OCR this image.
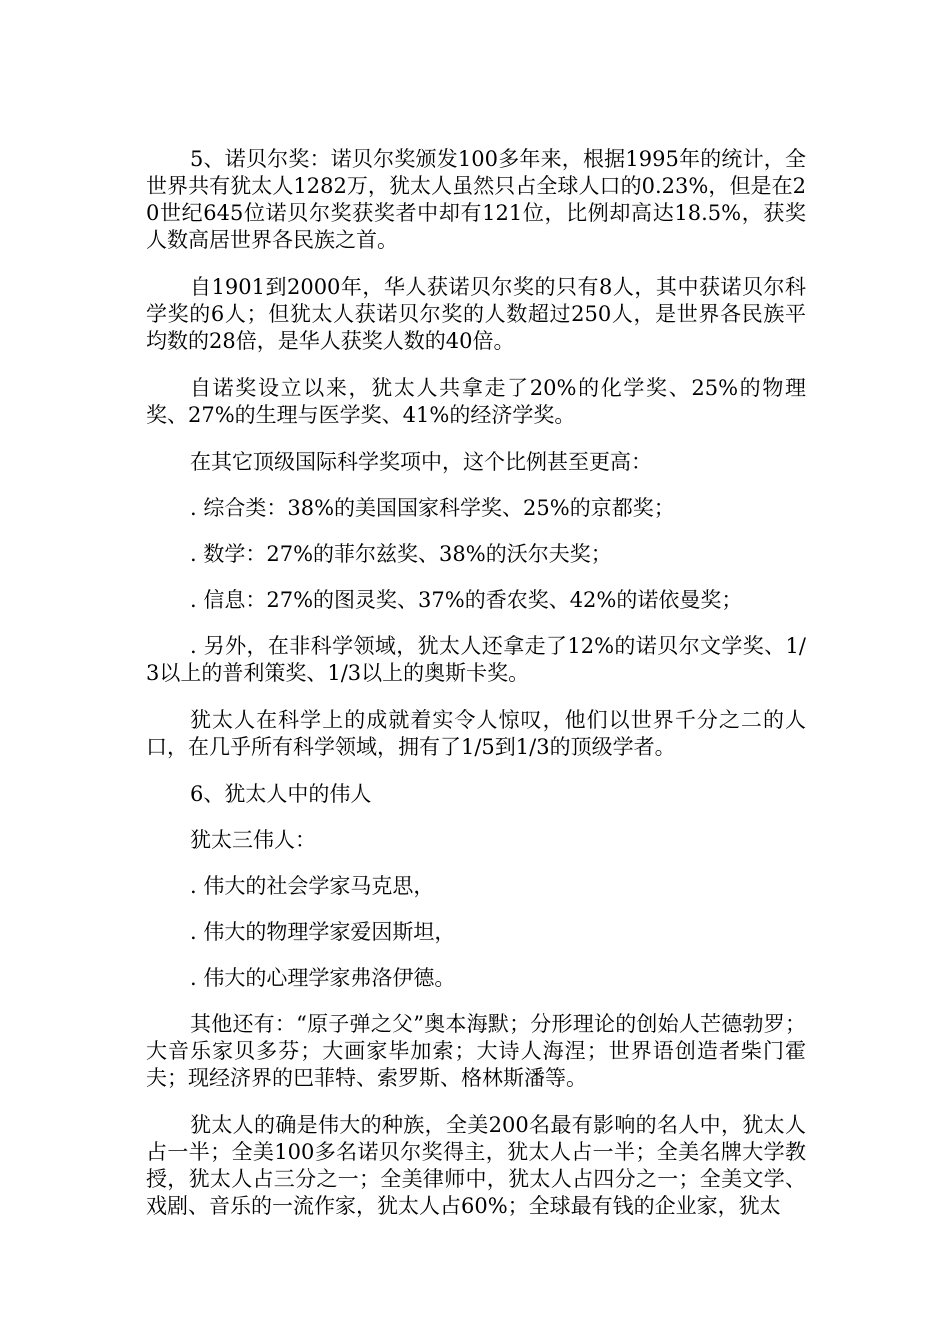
5、诺贝尔奖：诺贝尔奖颁发100多年来，根据1995年的统计，全世界共有犹太人1282万，犹太人虽然只占全球人口的0.23%，但是在20世纪645位诺贝尔奖获奖者中却有121位，比例却高达18.5%，获奖人数高居世界各民族之首。

自1901到2000年，华人获诺贝尔奖的只有8人，其中获诺贝尔科学奖的6人；但犹太人获诺贝尔奖的人数超过250人，是世界各民族平均数的28倍，是华人获奖人数的40倍。

自诺奖设立以来，犹太人共拿走了20%的化学奖、25%的物理奖、27%的生理与医学奖、41%的经济学奖。

在其它顶级国际科学奖项中，这个比例甚至更高：

. 综合类：38%的美国国家科学奖、25%的京都奖；

. 数学：27%的菲尔兹奖、38%的沃尔夫奖；

. 信息：27%的图灵奖、37%的香农奖、42%的诺依曼奖；

. 另外，在非科学领域，犹太人还拿走了12%的诺贝尔文学奖、1/3以上的普利策奖、1/3以上的奥斯卡奖。

犹太人在科学上的成就着实令人惊叹，他们以世界千分之二的人口，在几乎所有科学领域，拥有了1/5到1/3的顶级学者。

6、犹太人中的伟人

犹太三伟人：

. 伟大的社会学家马克思，

. 伟大的物理学家爱因斯坦，

. 伟大的心理学家弗洛伊德。

其他还有：“原子弹之父”奥本海默；分形理论的创始人芒德勃罗；大音乐家贝多芬；大画家毕加索；大诗人海涅；世界语创造者柴门霍夫；现经济界的巴菲特、索罗斯、格林斯潘等。

犹太人的确是伟大的种族，全美200名最有影响的名人中，犹太人占一半；全美100多名诺贝尔奖得主，犹太人占一半；全美名牌大学教授，犹太人占三分之一；全美律师中，犹太人占四分之一；全美文学、戏剧、音乐的一流作家，犹太人占60%；全球最有钱的企业家，犹太
